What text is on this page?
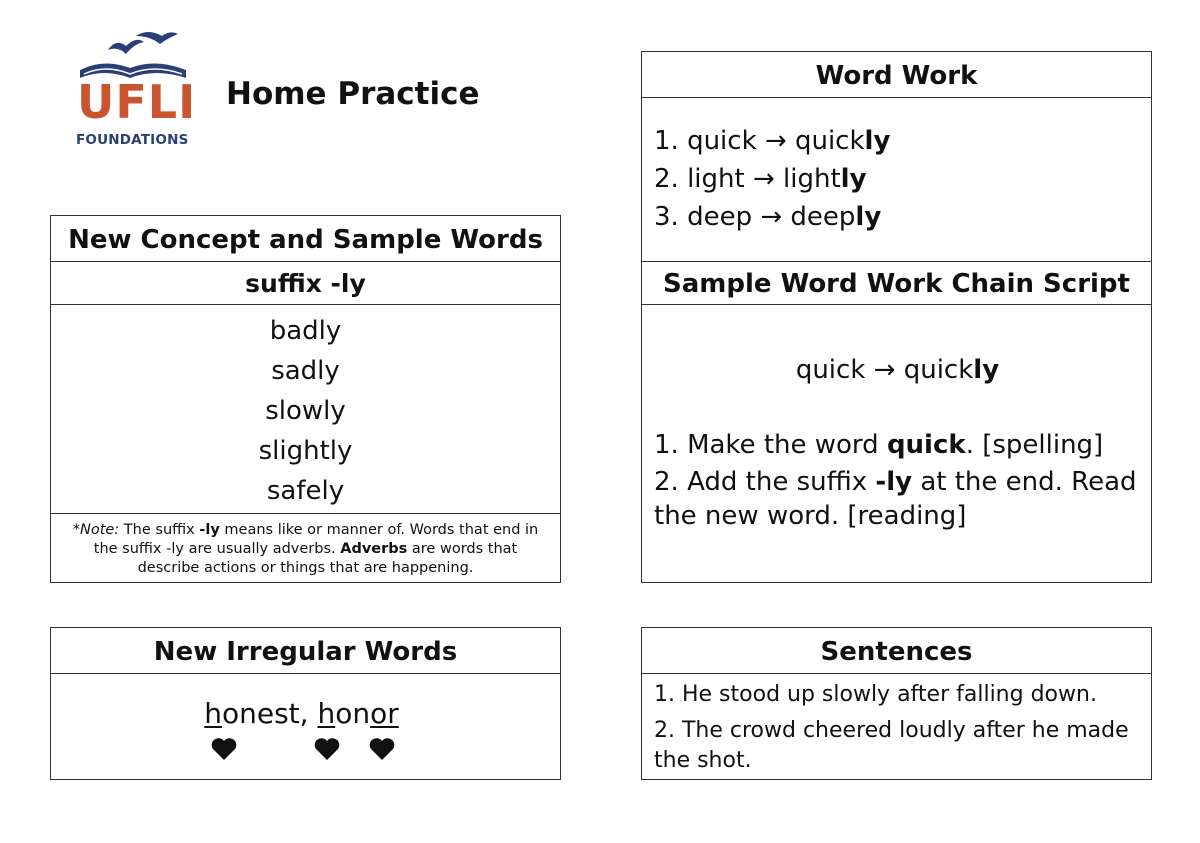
UFLI
FOUNDATIONS
Home Practice
New Concept and Sample Words
suffix -ly
badly
sadly
slowly
slightly
safely
*Note: The suffix -ly means like or manner of. Words that end in the suffix -ly are usually adverbs. Adverbs are words that describe actions or things that are happening.
New Irregular Words
honest, honor
Word Work
1. quick → quickly
2. light → lightly
3. deep → deeply
Sample Word Work Chain Script
quick → quickly
1. Make the word quick. [spelling]
2. Add the suffix -ly at the end. Read the new word. [reading]
Sentences
1. He stood up slowly after falling down.
2. The crowd cheered loudly after he made the shot.
